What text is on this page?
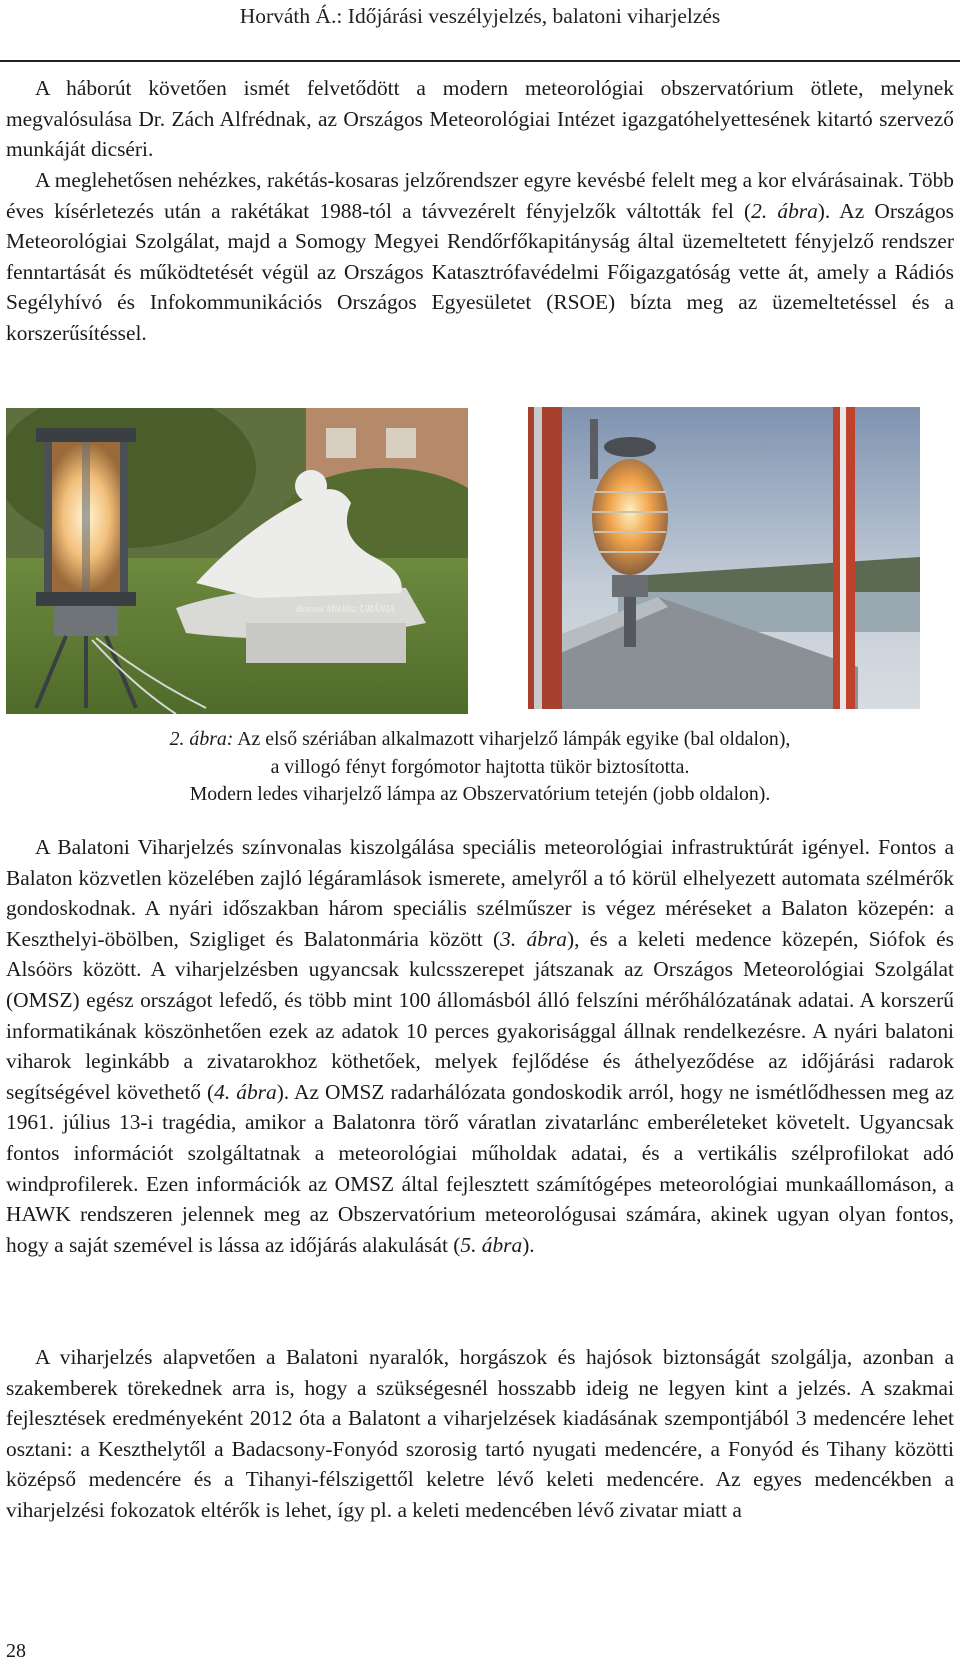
Horváth Á.: Időjárási veszélyjelzés, balatoni viharjelzés

A háborút követően ismét felvetődött a modern meteorológiai obszervatórium ötlete, melynek megvalósulása Dr. Zách Alfrédnak, az Országos Meteorológiai Intézet igazgatóhelyettesének kitartó szervező munkáját dicséri.

A meglehetősen nehézkes, rakétás-kosaras jelzőrendszer egyre kevésbé felelt meg a kor elvárásainak. Több éves kísérletezés után a rakétákat 1988-tól a távvezérelt fényjelzők váltották fel (2. ábra). Az Országos Meteorológiai Szolgálat, majd a Somogy Megyei Rendőrfőkapitányság által üzemeltetett fényjelző rendszer fenntartását és működtetését végül az Országos Katasztrófavédelmi Főigazgatóság vette át, amely a Rádiós Segélyhívó és Infokommunikációs Országos Egyesületet (RSOE) bízta meg az üzemeltetéssel és a korszerűsítéssel.

Borsos Miklós: URÁNIA
2. ábra: Az első szériában alkalmazott viharjelző lámpák egyike (bal oldalon),
a villogó fényt forgómotor hajtotta tükör biztosította.
Modern ledes viharjelző lámpa az Obszervatórium tetején (jobb oldalon).

A Balatoni Viharjelzés színvonalas kiszolgálása speciális meteorológiai infrastruktúrát igényel. Fontos a Balaton közvetlen közelében zajló légáramlások ismerete, amelyről a tó körül elhelyezett automata szélmérők gondoskodnak. A nyári időszakban három speciális szélműszer is végez méréseket a Balaton közepén: a Keszthelyi-öbölben, Szigliget és Balatonmária között (3. ábra), és a keleti medence közepén, Siófok és Alsóörs között. A viharjelzésben ugyancsak kulcsszerepet játszanak az Országos Meteorológiai Szolgálat (OMSZ) egész országot lefedő, és több mint 100 állomásból álló felszíni mérőhálózatának adatai. A korszerű informatikának köszönhetően ezek az adatok 10 perces gyakorisággal állnak rendelkezésre. A nyári balatoni viharok leginkább a zivatarokhoz köthetőek, melyek fejlődése és áthelyeződése az időjárási radarok segítségével követhető (4. ábra). Az OMSZ radarhálózata gondoskodik arról, hogy ne ismétlődhessen meg az 1961. július 13-i tragédia, amikor a Balatonra törő váratlan zivatarlánc emberéleteket követelt. Ugyancsak fontos információt szolgáltatnak a meteorológiai műholdak adatai, és a vertikális szélprofilokat adó windprofilerek. Ezen információk az OMSZ által fejlesztett számítógépes meteorológiai munkaállomáson, a HAWK rendszeren jelennek meg az Obszervatórium meteorológusai számára, akinek ugyan olyan fontos, hogy a saját szemével is lássa az időjárás alakulását (5. ábra).

A viharjelzés alapvetően a Balatoni nyaralók, horgászok és hajósok biztonságát szolgálja, azonban a szakemberek törekednek arra is, hogy a szükségesnél hosszabb ideig ne legyen kint a jelzés. A szakmai fejlesztések eredményeként 2012 óta a Balatont a viharjelzések kiadásának szempontjából 3 medencére lehet osztani: a Keszthelytől a Badacsony-Fonyód szorosig tartó nyugati medencére, a Fonyód és Tihany közötti középső medencére és a Tihanyi-félszigettől keletre lévő keleti medencére. Az egyes medencékben a viharjelzési fokozatok eltérők is lehet, így pl. a keleti medencében lévő zivatar miatt a

28
